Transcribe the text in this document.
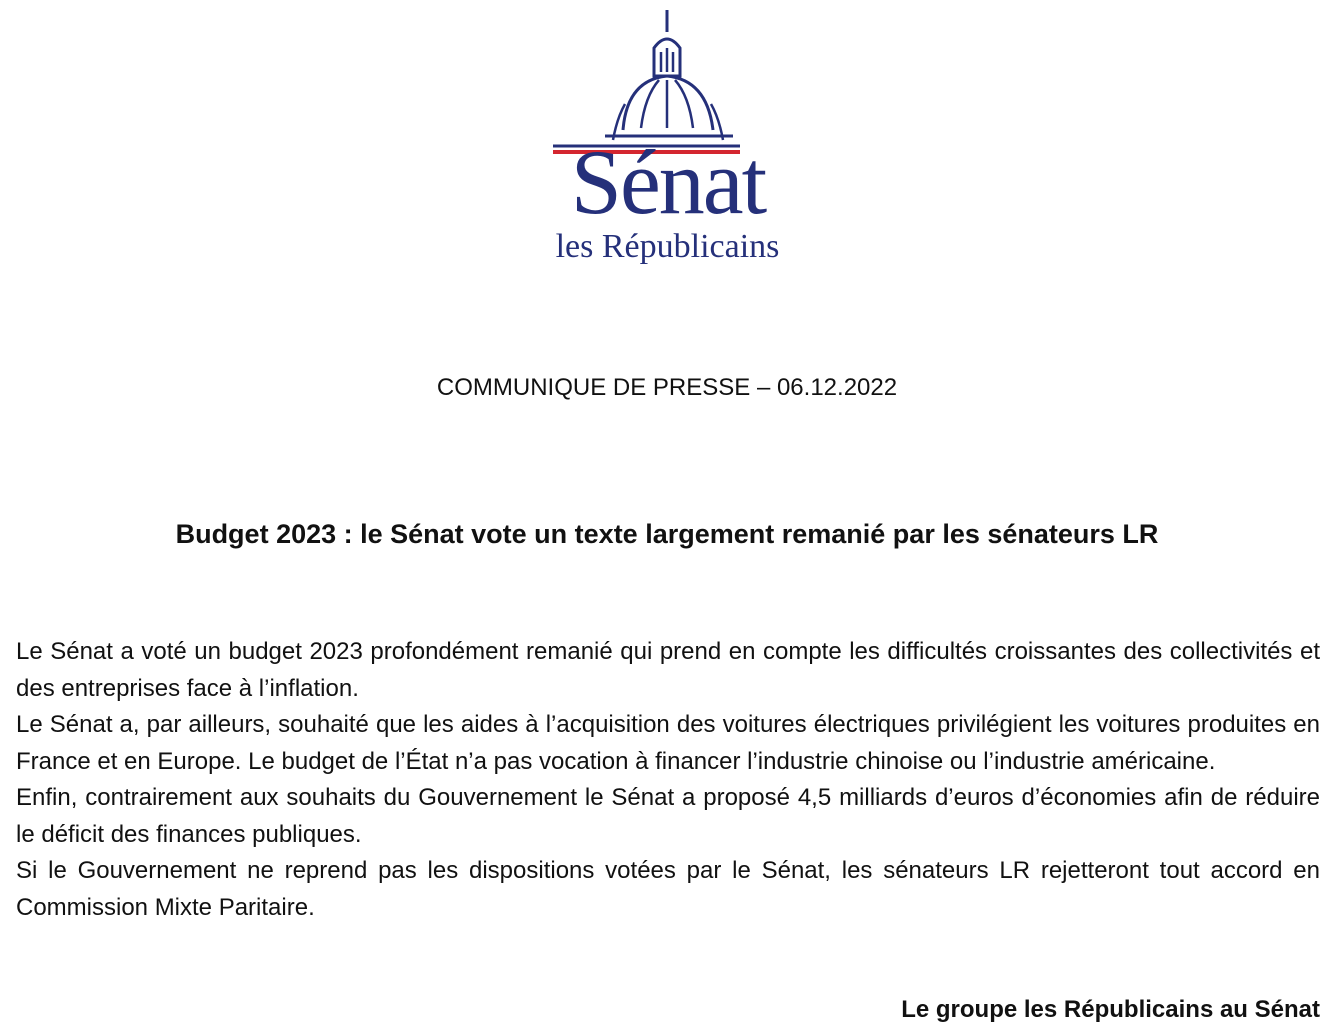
Sénat
les Républicains
COMMUNIQUE DE PRESSE – 06.12.2022
Budget 2023 : le Sénat vote un texte largement remanié par les sénateurs LR

Le Sénat a voté un budget 2023 profondément remanié qui prend en compte les difficultés croissantes des collectivités et des entreprises face à l’inflation.

Le Sénat a, par ailleurs, souhaité que les aides à l’acquisition des voitures électriques privilégient les voitures produites en France et en Europe. Le budget de l’État n’a pas vocation à financer l’industrie chinoise ou l’industrie américaine.

Enfin, contrairement aux souhaits du Gouvernement le Sénat a proposé 4,5 milliards d’euros d’économies afin de réduire le déficit des finances publiques.

Si le Gouvernement ne reprend pas les dispositions votées par le Sénat, les sénateurs LR rejetteront tout accord en Commission Mixte Paritaire.

Le groupe les Républicains au Sénat
